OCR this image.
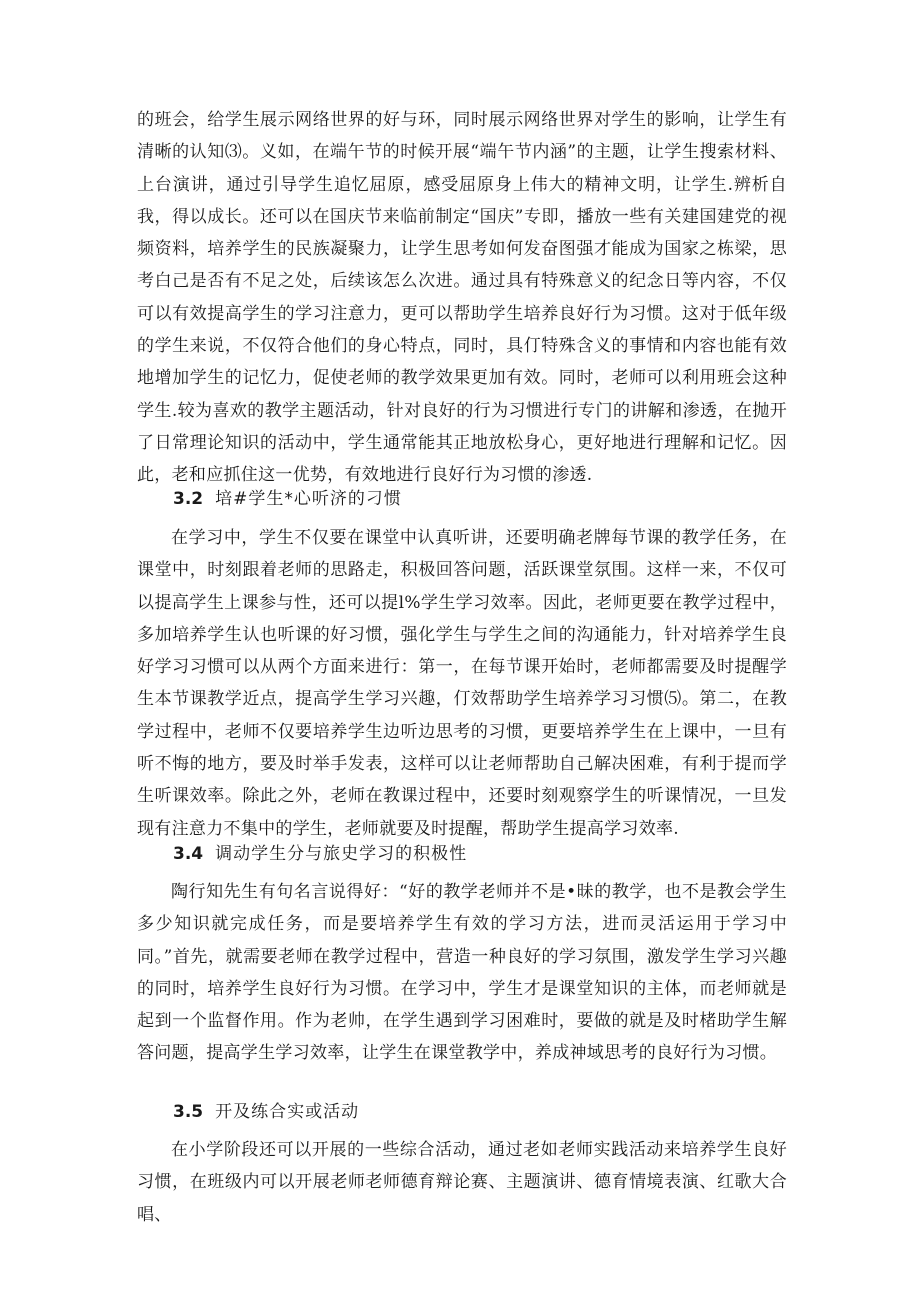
的班会，给学生展示网络世界的好与环，同时展示网络世界对学生的影响，让学生有清晰的认知⑶。义如，在端午节的时候开展“端午节内涵”的主题，让学生搜索材料、上台演讲，通过引导学生追忆屈原，感受屈原身上伟大的精神文明，让学生.辨析自我，得以成长。还可以在国庆节来临前制定“国庆”专即，播放一些有关建国建党的视频资料，培养学生的民族凝聚力，让学生思考如何发奋图强才能成为国家之栋梁，思考白己是否有不足之处，后续该怎么次进。通过具有特殊意义的纪念日等内容，不仅可以有效提高学生的学习注意力，更可以帮助学生培养良好行为习惯。这对于低年级的学生来说，不仅符合他们的身心特点，同时，具仃特殊含义的事情和内容也能有效地增加学生的记忆力，促使老师的教学效果更加有效。同时，老师可以利用班会这种学生.较为喜欢的教学主题活动，针对良好的行为习惯进行专门的讲解和渗透，在抛开了日常理论知识的活动中，学生通常能其正地放松身心，更好地进行理解和记忆。因此，老和应抓住这一优势，有效地进行良好行为习惯的渗透.

3.2 培#学生*心听济的刁惯

在学习中，学生不仅要在课堂中认真听讲，还要明确老牌每节课的教学任务，在课堂中，时刻跟着老师的思路走，积极回答问题，活跃课堂氛围。这样一来，不仅可以提高学生上课参与性，还可以提l%学生学习效率。因此，老师更要在教学过程中，多加培养学生认也听课的好习惯，强化学生与学生之间的沟通能力，针对培养学生良好学习习惯可以从两个方面来进行：第一，在每节课开始时，老师都需要及时提醒学生本节课教学近点，提高学生学习兴趣，仃效帮助学生培养学习习惯⑸。第二，在教学过程中，老师不仅要培养学生边听边思考的习惯，更要培养学生在上课中，一旦有听不悔的地方，要及时举手发表，这样可以让老师帮助自己解决困难，有利于提而学生听课效率。除此之外，老师在教课过程中，还要时刻观察学生的听课情况，一旦发现有注意力不集中的学生，老师就要及时提醒，帮助学生提高学习效率.

3.4 调动学生分与旅史学习的积极性

陶行知先生有句名言说得好：“好的教学老师并不是•昧的教学，也不是教会学生多少知识就完成任务，而是要培养学生有效的学习方法，进而灵活运用于学习中同。”首先，就需要老师在教学过程中，营造一种良好的学习氛围，激发学生学习兴趣的同时，培养学生良好行为习惯。在学习中，学生才是课堂知识的主体，而老师就是起到一个监督作用。作为老帅，在学生遇到学习困难时，要做的就是及时楮助学生解答问题，提高学生学习效率，让学生在课堂教学中，养成神域思考的良好行为习惯。

3.5 开及练合实或活动

在小学阶段还可以开展的一些综合活动，通过老如老师实践活动来培养学生良好习惯，在班级内可以开展老师老师德育辩论赛、主题演讲、德育情境表演、红歌大合唱、
